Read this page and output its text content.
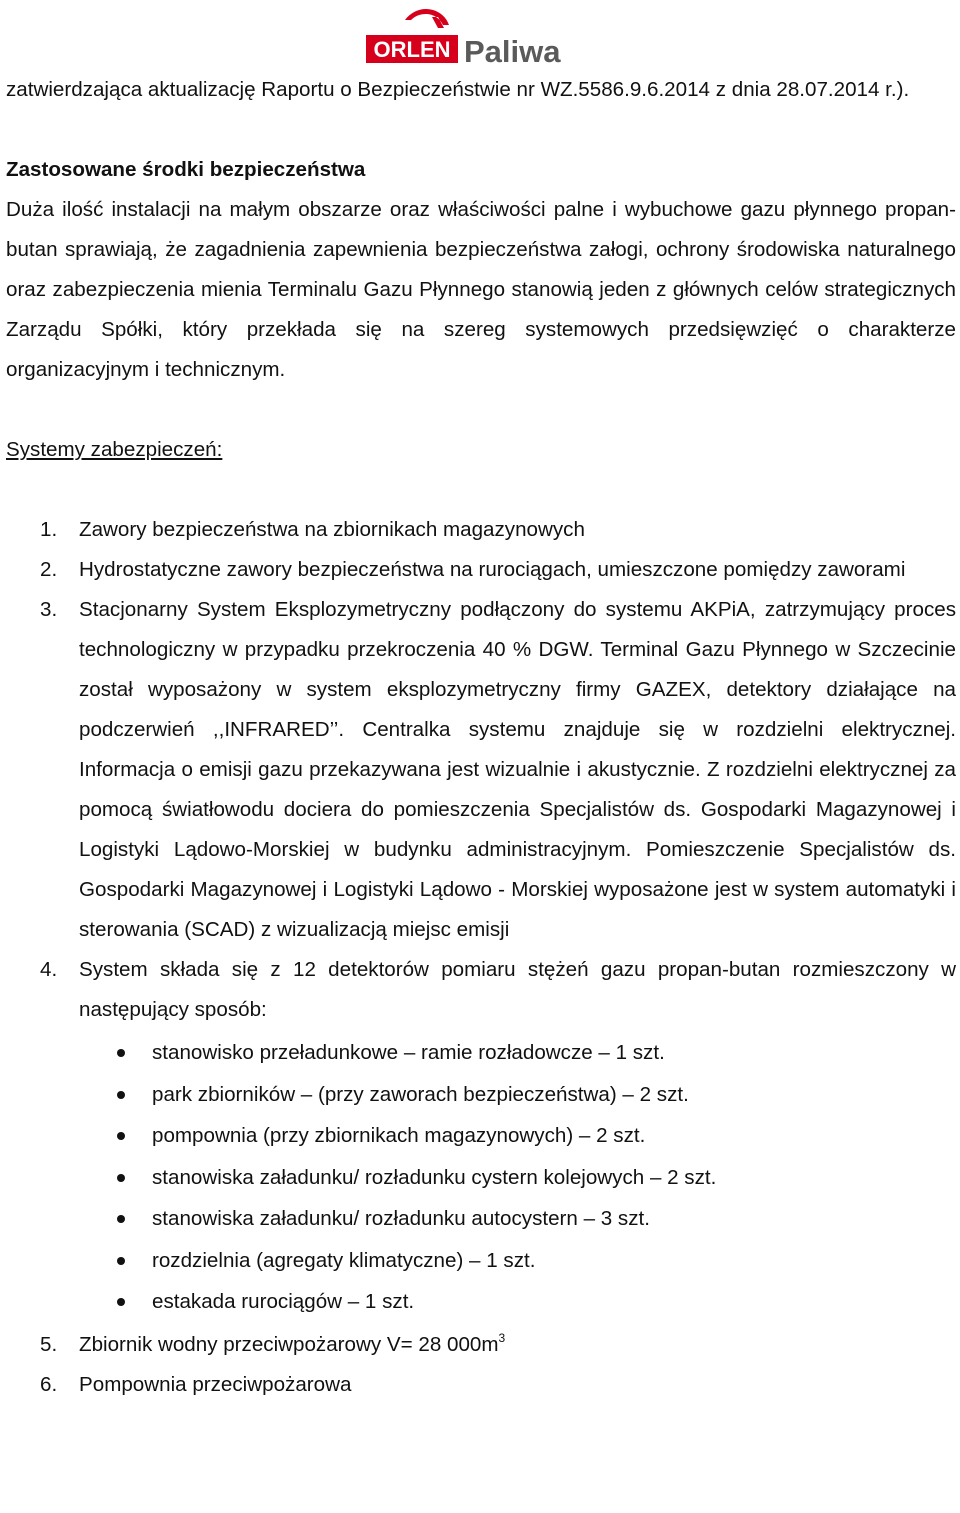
ORLEN Paliwa

zatwierdzająca aktualizację Raportu o Bezpieczeństwie nr WZ.5586.9.6.2014 z dnia 28.07.2014 r.).

Zastosowane środki bezpieczeństwa

Duża ilość instalacji na małym obszarze oraz właściwości palne i wybuchowe gazu płynnego propan-butan sprawiają, że zagadnienia zapewnienia bezpieczeństwa załogi, ochrony środowiska naturalnego oraz zabezpieczenia mienia Terminalu Gazu Płynnego stanowią jeden z głównych celów strategicznych Zarządu Spółki, który przekłada się na szereg systemowych przedsięwzięć o charakterze organizacyjnym i technicznym.

Systemy zabezpieczeń:

1. Zawory bezpieczeństwa na zbiornikach magazynowych
2. Hydrostatyczne zawory bezpieczeństwa na rurociągach, umieszczone pomiędzy zaworami
3. Stacjonarny System Eksplozymetryczny podłączony do systemu AKPiA, zatrzymujący proces technologiczny w przypadku przekroczenia 40 % DGW. Terminal Gazu Płynnego w Szczecinie został wyposażony w system eksplozymetryczny firmy GAZEX, detektory działające na podczerwień ,,INFRARED’’. Centralka systemu znajduje się w rozdzielni elektrycznej. Informacja o emisji gazu przekazywana jest wizualnie i akustycznie. Z rozdzielni elektrycznej za pomocą światłowodu dociera do pomieszczenia Specjalistów ds. Gospodarki Magazynowej i Logistyki Lądowo-Morskiej w budynku administracyjnym. Pomieszczenie Specjalistów ds. Gospodarki Magazynowej i Logistyki Lądowo - Morskiej wyposażone jest w system automatyki i sterowania (SCAD) z wizualizacją miejsc emisji
4. System składa się z 12 detektorów pomiaru stężeń gazu propan-butan rozmieszczony w następujący sposób:
stanowisko przeładunkowe – ramie rozładowcze – 1 szt.
park zbiorników – (przy zaworach bezpieczeństwa) – 2 szt.
pompownia (przy zbiornikach magazynowych) – 2 szt.
stanowiska załadunku/ rozładunku cystern kolejowych – 2 szt.
stanowiska załadunku/ rozładunku autocystern – 3 szt.
rozdzielnia (agregaty klimatyczne) – 1 szt.
estakada rurociągów – 1 szt.
5. Zbiornik wodny przeciwpożarowy V= 28 $000m^3$
6. Pompownia przeciwpożarowa
